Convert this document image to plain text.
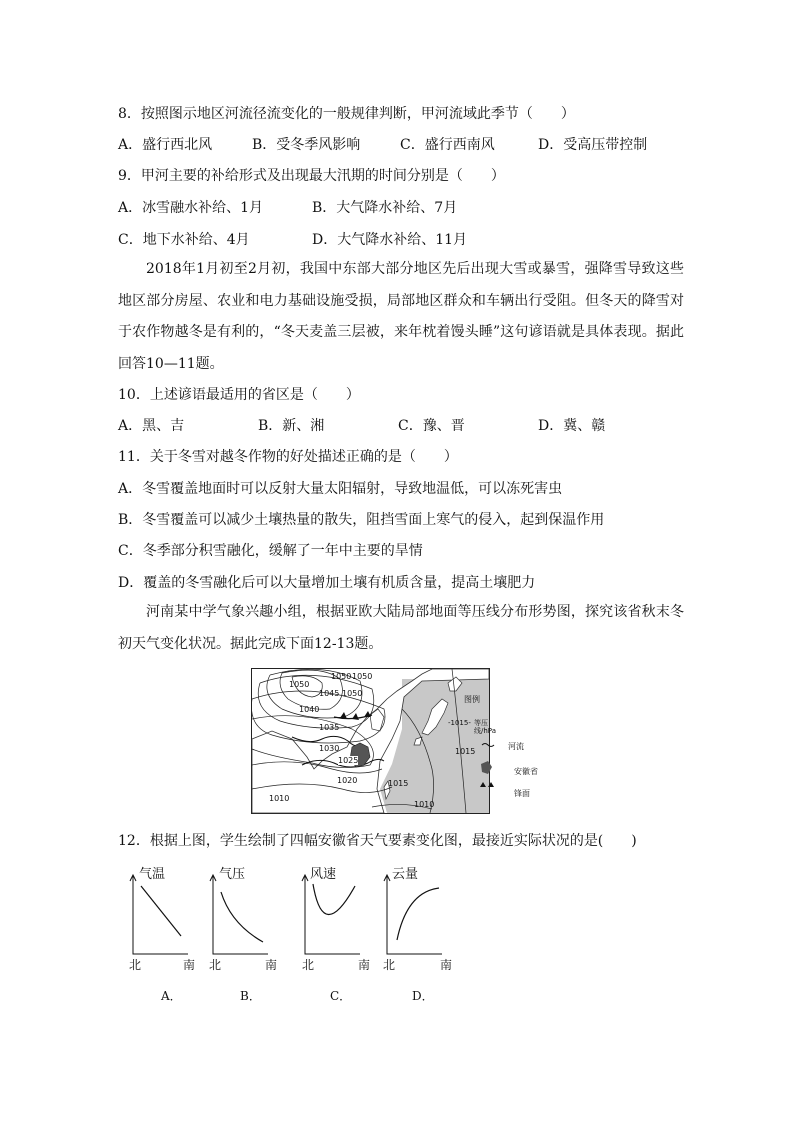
8．按照图示地区河流径流变化的一般规律判断，甲河流域此季节（　　）
A．盛行西北风	B．受冬季风影响	C．盛行西南风	D．受高压带控制
9．甲河主要的补给形式及出现最大汛期的时间分别是（　　）
A．冰雪融水补给、1月	B．大气降水补给、7月
C．地下水补给、4月	D．大气降水补给、11月
2018年1月初至2月初，我国中东部大部分地区先后出现大雪或暴雪，强降雪导致这些地区部分房屋、农业和电力基础设施受损，局部地区群众和车辆出行受阻。但冬天的降雪对于农作物越冬是有利的，“冬天麦盖三层被，来年枕着馒头睡”这句谚语就是具体表现。据此回答10—11题。
10．上述谚语最适用的省区是（　　）
A．黑、吉	B．新、湘	C．豫、晋	D．冀、赣
11．关于冬雪对越冬作物的好处描述正确的是（　　）
A．冬雪覆盖地面时可以反射大量太阳辐射，导致地温低，可以冻死害虫
B．冬雪覆盖可以减少土壤热量的散失，阻挡雪面上寒气的侵入，起到保温作用
C．冬季部分积雪融化，缓解了一年中主要的旱情
D．覆盖的冬雪融化后可以大量增加土壤有机质含量，提高土壤肥力
河南某中学气象兴趣小组，根据亚欧大陆局部地面等压线分布形势图，探究该省秋末冬初天气变化状况。据此完成下面12-13题。
1050 1050
1050
1045 1050
1040
1035
1030
1025
1020
1015
1015
1010
1010
图例
-1015- 等压线/hPa
河流
安徽省
锋面
12．根据上图，学生绘制了四幅安徽省天气要素变化图，最接近实际状况的是(　　)
气温	气压	风速	云量
北	南 北	南 北	南 北	南
A．	B．	C．	D．
